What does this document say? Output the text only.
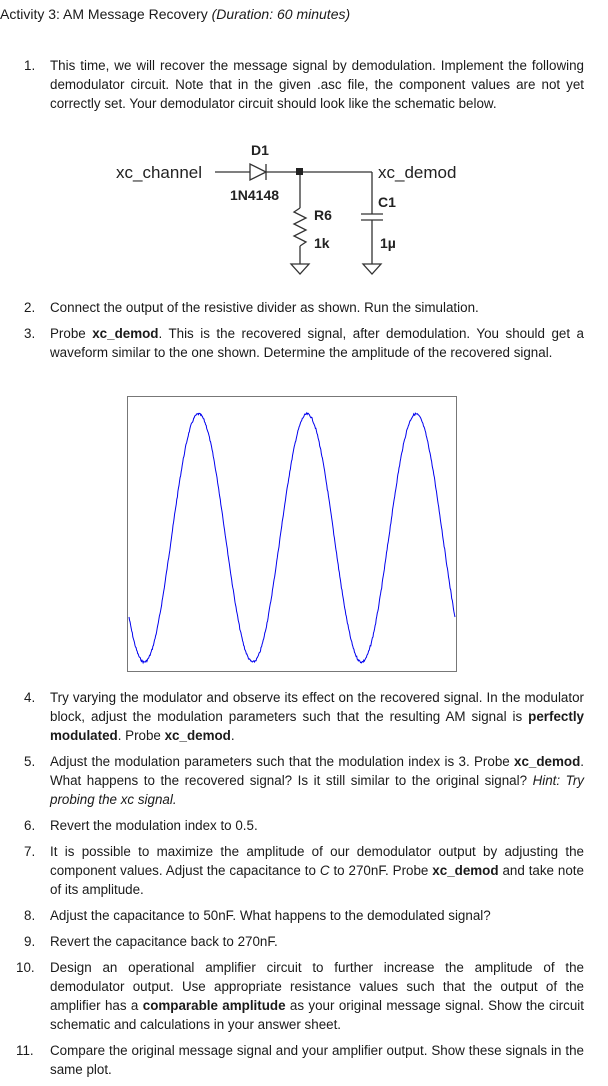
Activity 3: AM Message Recovery (Duration: 60 minutes)
1. This time, we will recover the message signal by demodulation. Implement the following demodulator circuit. Note that in the given .asc file, the component values are not yet correctly set. Your demodulator circuit should look like the schematic below.
D1
xc_channel
1N4148
xc_demod
C1
R6
1k	1µ
2. Connect the output of the resistive divider as shown. Run the simulation.
3. Probe xc_demod. This is the recovered signal, after demodulation. You should get a waveform similar to the one shown. Determine the amplitude of the recovered signal.
4. Try varying the modulator and observe its effect on the recovered signal. In the modulator block, adjust the modulation parameters such that the resulting AM signal is perfectly modulated. Probe xc_demod.
5. Adjust the modulation parameters such that the modulation index is 3. Probe xc_demod. What happens to the recovered signal? Is it still similar to the original signal? Hint: Try probing the xc signal.
6. Revert the modulation index to 0.5.
7. It is possible to maximize the amplitude of our demodulator output by adjusting the component values. Adjust the capacitance to C to 270nF. Probe xc_demod and take note of its amplitude.
8. Adjust the capacitance to 50nF. What happens to the demodulated signal?
9. Revert the capacitance back to 270nF.
10. Design an operational amplifier circuit to further increase the amplitude of the demodulator output. Use appropriate resistance values such that the output of the amplifier has a comparable amplitude as your original message signal. Show the circuit schematic and calculations in your answer sheet.
11. Compare the original message signal and your amplifier output. Show these signals in the same plot.
